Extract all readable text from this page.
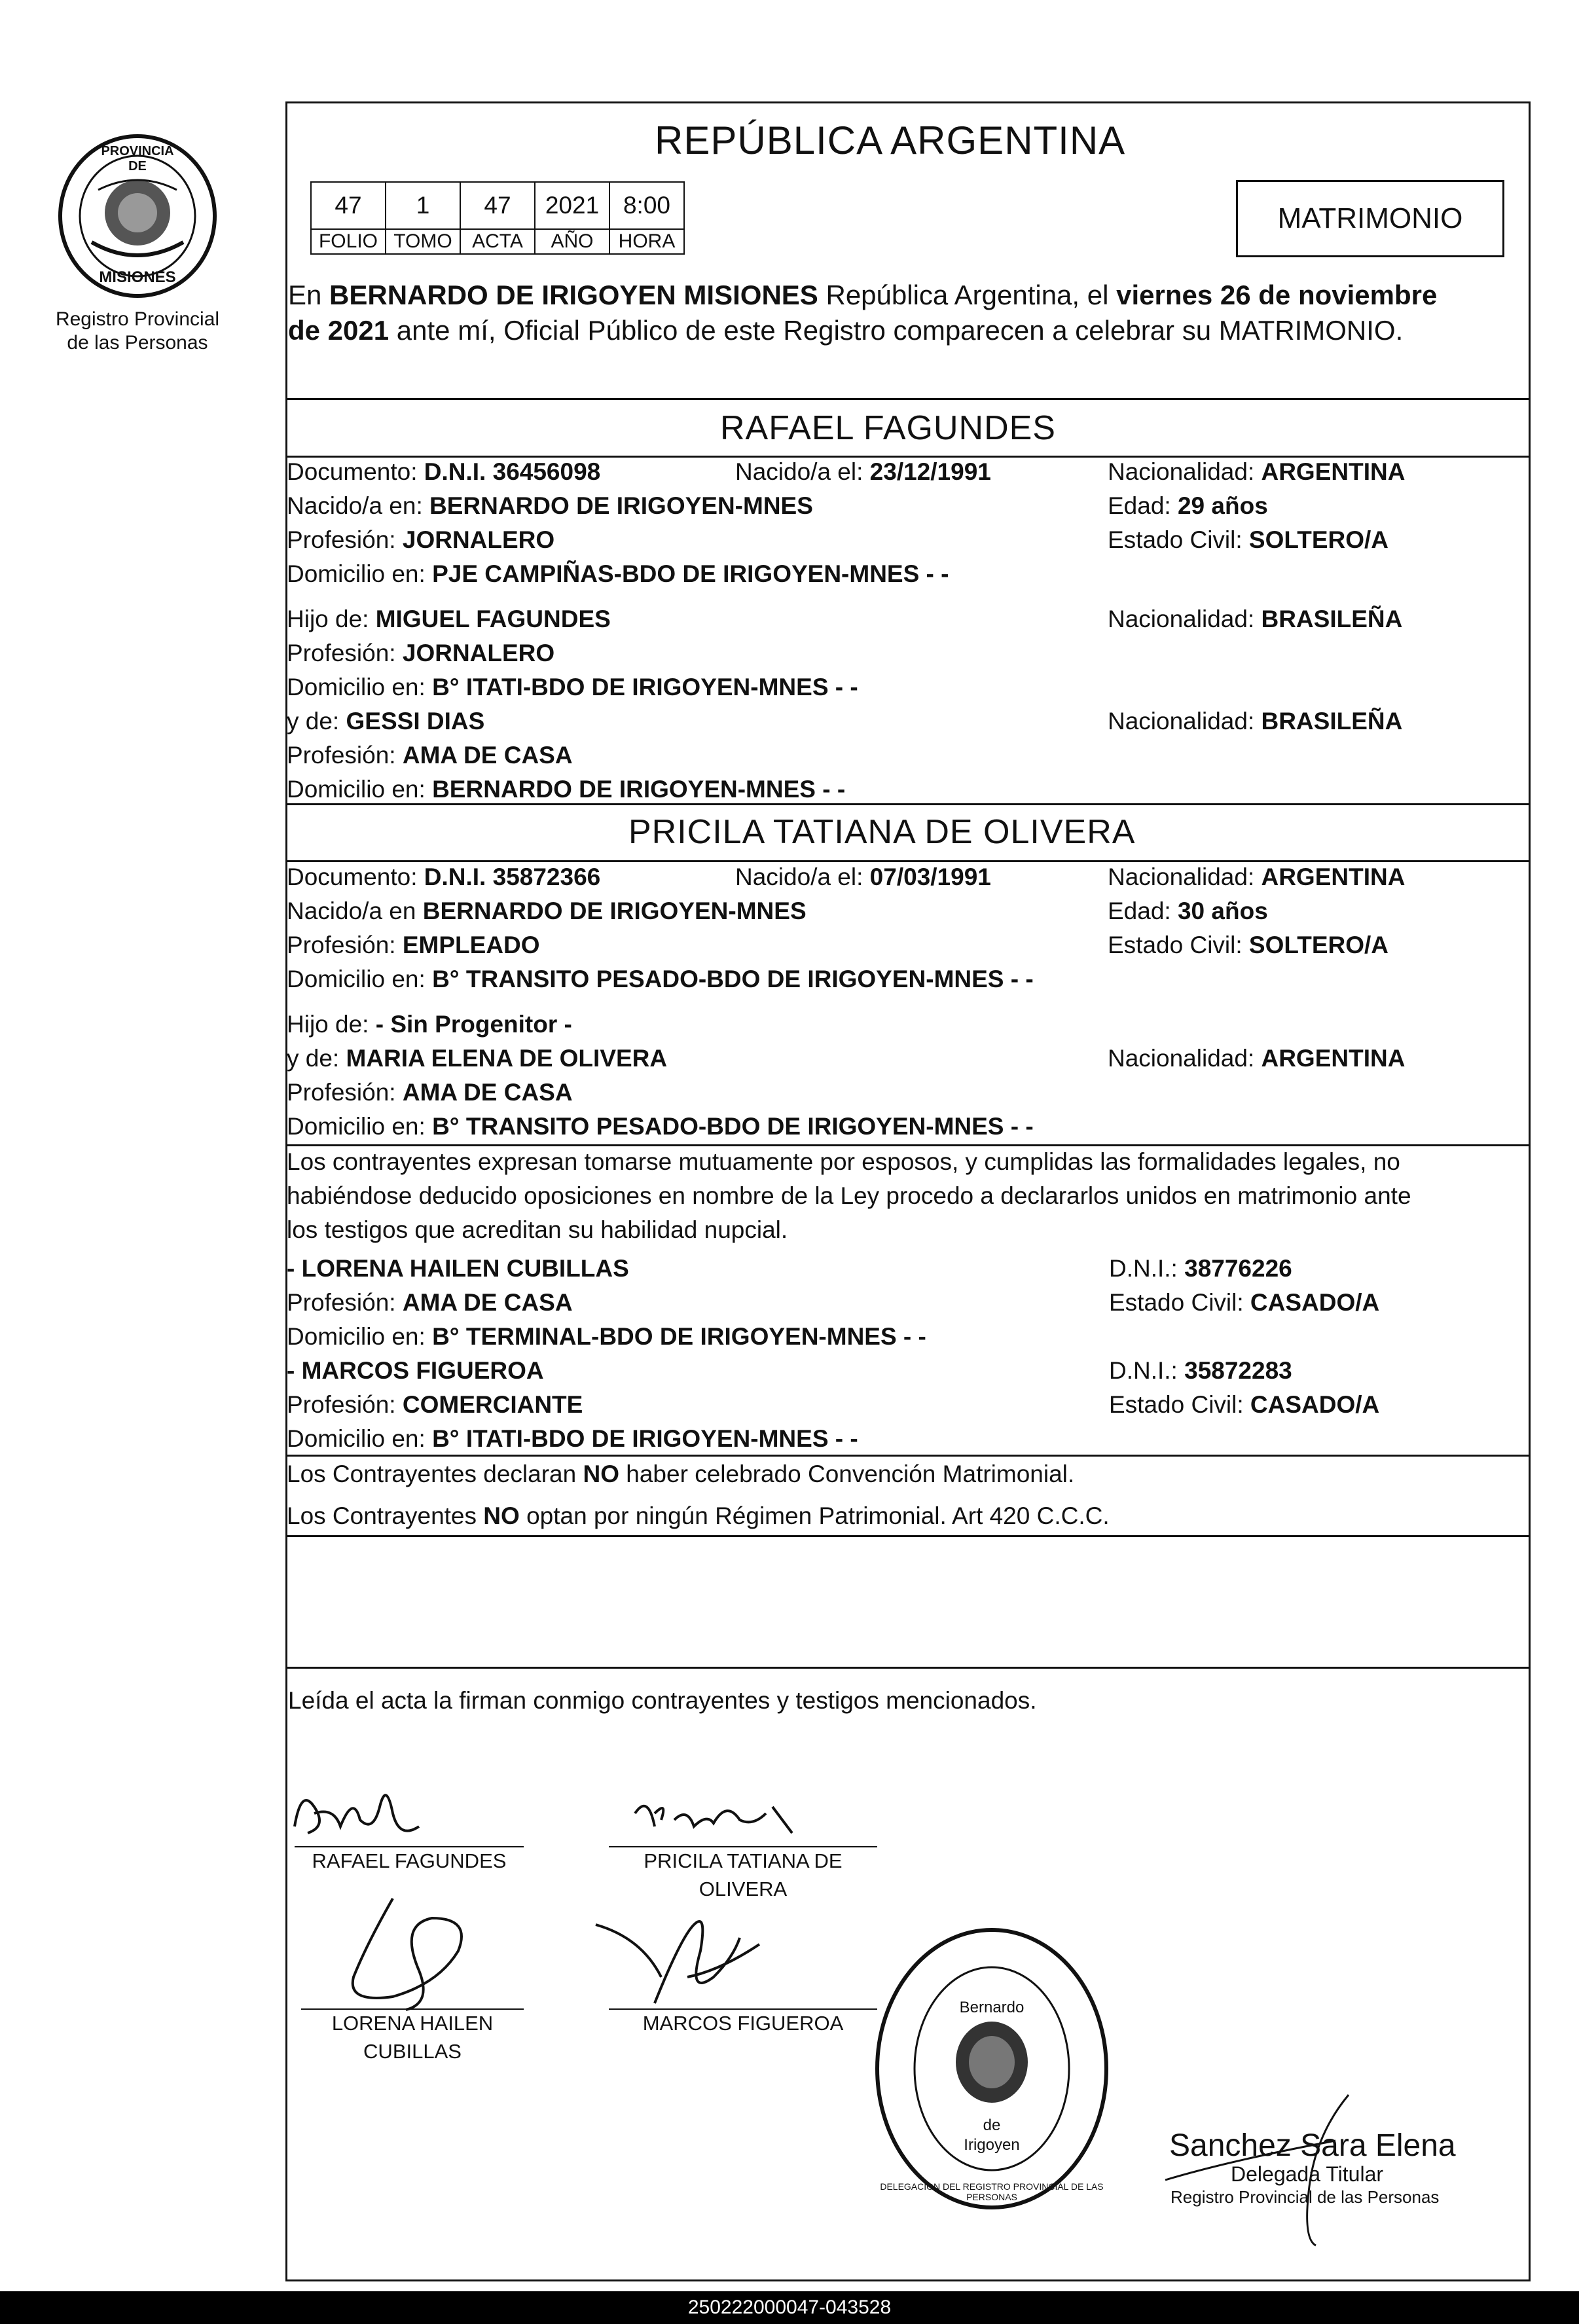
PROVINCIA DE
MISIONES
Registro Provincial
de las Personas
REPÚBLICA ARGENTINA
47	1	47	2021	8:00
FOLIO	TOMO	ACTA	AÑO	HORA
MATRIMONIO
En BERNARDO DE IRIGOYEN MISIONES República Argentina, el viernes 26 de noviembre
de 2021 ante mí, Oficial Público de este Registro comparecen a celebrar su MATRIMONIO.
RAFAEL FAGUNDES
Documento: D.N.I. 36456098	Nacido/a el: 23/12/1991	Nacionalidad: ARGENTINA
Nacido/a en: BERNARDO DE IRIGOYEN-MNES	Edad: 29 años
Profesión: JORNALERO	Estado Civil: SOLTERO/A
Domicilio en: PJE CAMPIÑAS-BDO DE IRIGOYEN-MNES - -
Hijo de: MIGUEL FAGUNDES	Nacionalidad: BRASILEÑA
Profesión: JORNALERO
Domicilio en: B° ITATI-BDO DE IRIGOYEN-MNES - -
y de: GESSI DIAS	Nacionalidad: BRASILEÑA
Profesión: AMA DE CASA
Domicilio en: BERNARDO DE IRIGOYEN-MNES - -
PRICILA TATIANA DE OLIVERA
Documento: D.N.I. 35872366	Nacido/a el: 07/03/1991	Nacionalidad: ARGENTINA
Nacido/a en BERNARDO DE IRIGOYEN-MNES	Edad: 30 años
Profesión: EMPLEADO	Estado Civil: SOLTERO/A
Domicilio en: B° TRANSITO PESADO-BDO DE IRIGOYEN-MNES - -
Hijo de: - Sin Progenitor -
y de: MARIA ELENA DE OLIVERA	Nacionalidad: ARGENTINA
Profesión: AMA DE CASA
Domicilio en: B° TRANSITO PESADO-BDO DE IRIGOYEN-MNES - -
Los contrayentes expresan tomarse mutuamente por esposos, y cumplidas las formalidades legales, no
habiéndose deducido oposiciones en nombre de la Ley procedo a declararlos unidos en matrimonio ante
los testigos que acreditan su habilidad nupcial.
- LORENA HAILEN CUBILLAS	D.N.I.: 38776226
Profesión: AMA DE CASA	Estado Civil: CASADO/A
Domicilio en: B° TERMINAL-BDO DE IRIGOYEN-MNES - -
- MARCOS FIGUEROA	D.N.I.: 35872283
Profesión: COMERCIANTE	Estado Civil: CASADO/A
Domicilio en: B° ITATI-BDO DE IRIGOYEN-MNES - -
Los Contrayentes declaran NO haber celebrado Convención Matrimonial.
Los Contrayentes NO optan por ningún Régimen Patrimonial. Art 420 C.C.C.
Leída el acta la firman conmigo contrayentes y testigos mencionados.
RAFAEL FAGUNDES	PRICILA TATIANA DE
OLIVERA
LORENA HAILEN
CUBILLAS
MARCOS FIGUEROA
DELEGACION DEL REGISTRO PROVINCIAL DE LAS PERSONAS
Bernardo
de
Irigoyen	Sanchez Sara Elena
Delegada Titular
Registro Provincial de las Personas
250222000047-043528
